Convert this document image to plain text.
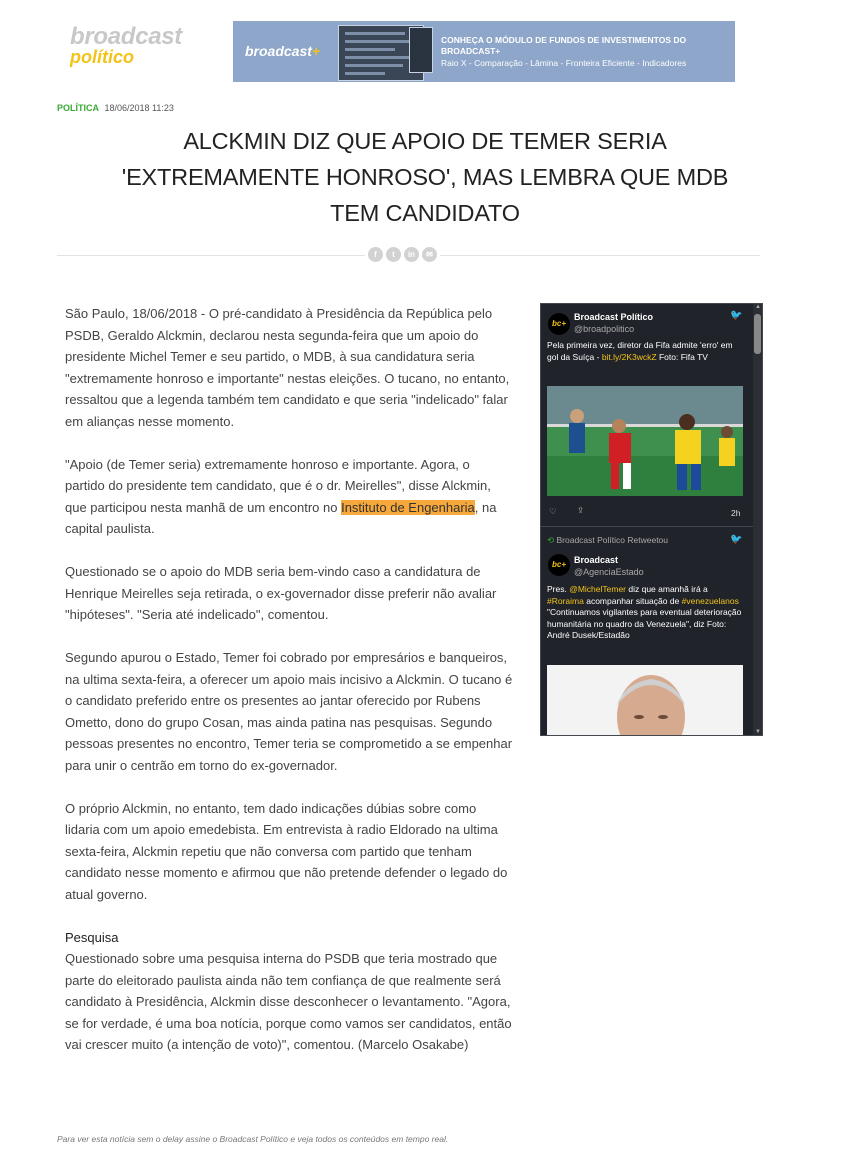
broadcast
político	broadcast+
CONHEÇA O MÓDULO DE FUNDOS DE INVESTIMENTOS DO BROADCAST+
Raio X - Comparação - Lâmina - Fronteira Eficiente - Indicadores
POLÍTICA 18/06/2018 11:23
ALCKMIN DIZ QUE APOIO DE TEMER SERIA 'EXTREMAMENTE HONROSO', MAS LEMBRA QUE MDB TEM CANDIDATO
f	t	in	✉

São Paulo, 18/06/2018 - O pré-candidato à Presidência da República pelo PSDB, Geraldo Alckmin, declarou nesta segunda-feira que um apoio do presidente Michel Temer e seu partido, o MDB, à sua candidatura seria "extremamente honroso e importante" nestas eleições. O tucano, no entanto, ressaltou que a legenda também tem candidato e que seria "indelicado" falar em alianças nesse momento.

"Apoio (de Temer seria) extremamente honroso e importante. Agora, o partido do presidente tem candidato, que é o dr. Meirelles", disse Alckmin, que participou nesta manhã de um encontro no Instituto de Engenharia, na capital paulista.

Questionado se o apoio do MDB seria bem-vindo caso a candidatura de Henrique Meirelles seja retirada, o ex-governador disse preferir não avaliar "hipóteses". "Seria até indelicado", comentou.

Segundo apurou o Estado, Temer foi cobrado por empresários e banqueiros, na ultima sexta-feira, a oferecer um apoio mais incisivo a Alckmin. O tucano é o candidato preferido entre os presentes ao jantar oferecido por Rubens Ometto, dono do grupo Cosan, mas ainda patina nas pesquisas. Segundo pessoas presentes no encontro, Temer teria se comprometido a se empenhar para unir o centrão em torno do ex-governador.

O próprio Alckmin, no entanto, tem dado indicações dúbias sobre como lidaria com um apoio emedebista. Em entrevista à radio Eldorado na ultima sexta-feira, Alckmin repetiu que não conversa com partido que tenham candidato nesse momento e afirmou que não pretende defender o legado do atual governo.

Pesquisa

Questionado sobre uma pesquisa interna do PSDB que teria mostrado que parte do eleitorado paulista ainda não tem confiança de que realmente será candidato à Presidência, Alckmin disse desconhecer o levantamento. "Agora, se for verdade, é uma boa notícia, porque como vamos ser candidatos, então vai crescer muito (a intenção de voto)", comentou. (Marcelo Osakabe)

Para ver esta notícia sem o delay assine o Broadcast Político e veja todos os conteúdos em tempo real.
bc+
Broadcast Político
@broadpolitico
🐦
Pela primeira vez, diretor da Fifa admite 'erro' em gol da Suíça - bit.ly/2K3wckZ Foto: Fifa TV
♡ ⇪	2h
⟲ Broadcast Político Retweetou	🐦
bc+ Broadcast
@AgenciaEstado
Pres. @MichelTemer diz que amanhã irá a #Roraima acompanhar situação de #venezuelanos "Continuamos vigilantes para eventual deterioração humanitária no quadro da Venezuela", diz Foto: André Dusek/Estadão
▲
▼
